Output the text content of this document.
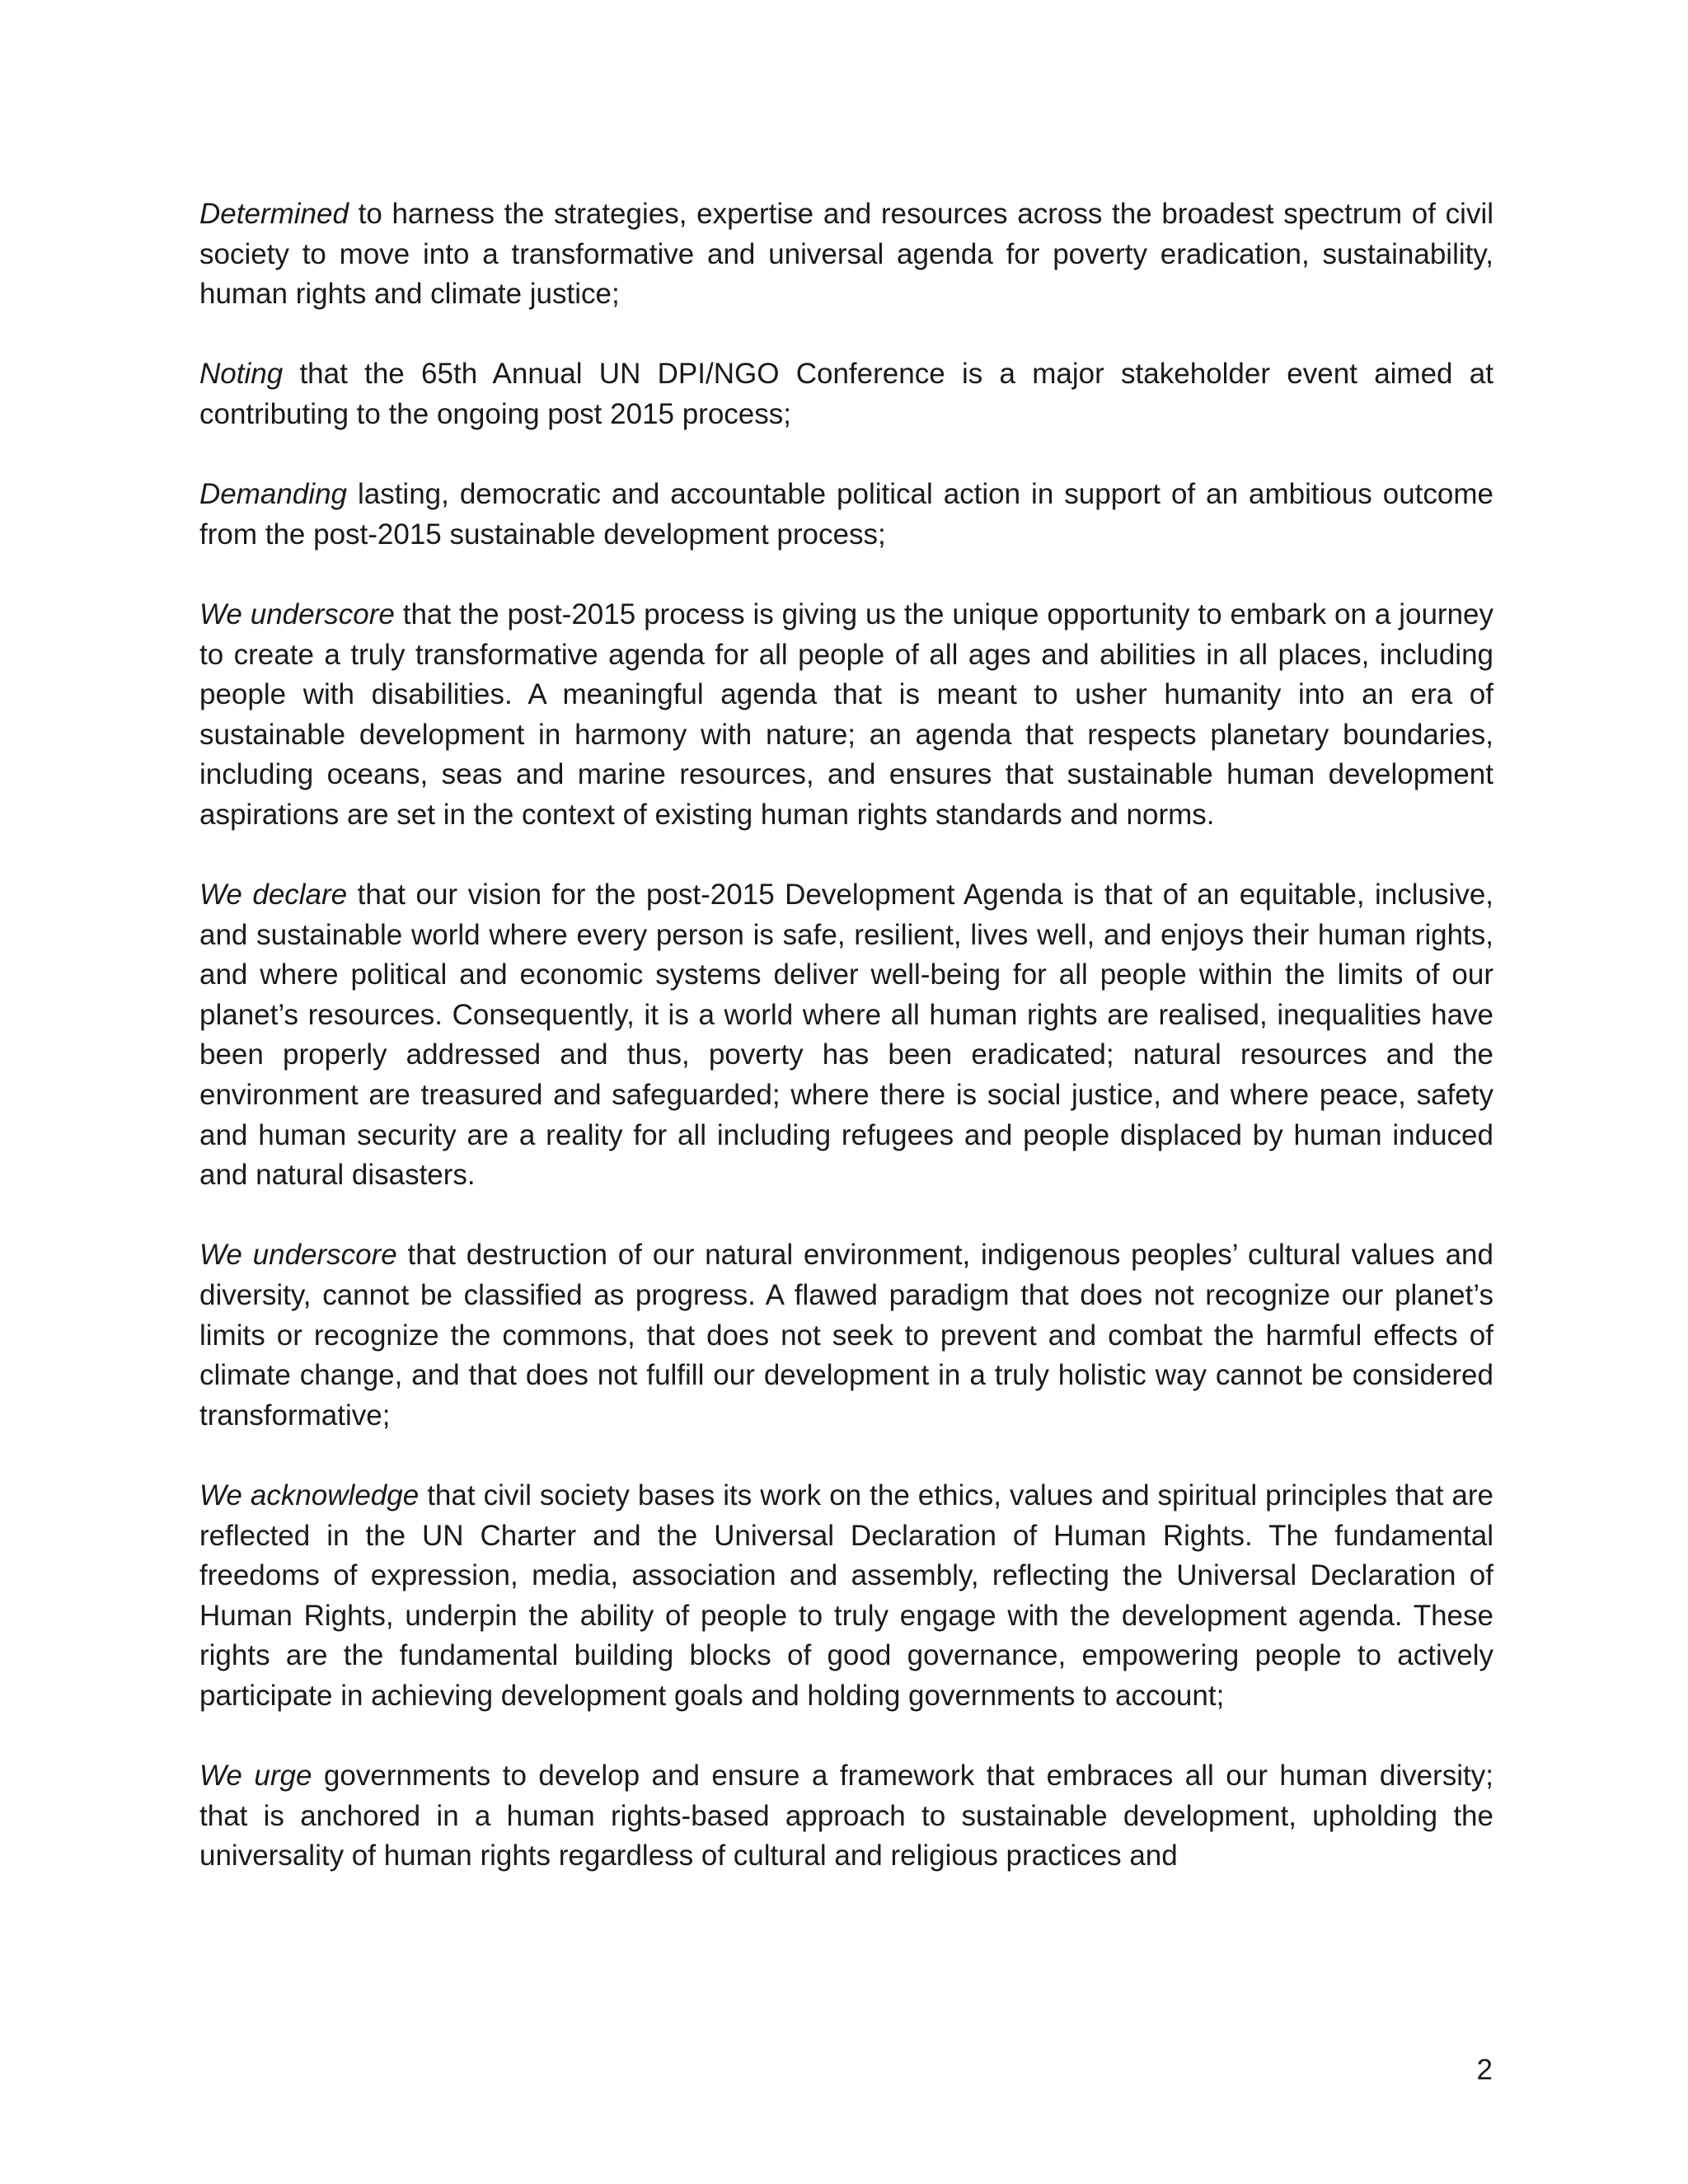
Determined to harness the strategies, expertise and resources across the broadest spectrum of civil society to move into a transformative and universal agenda for poverty eradication, sustainability, human rights and climate justice;

Noting that the 65th Annual UN DPI/NGO Conference is a major stakeholder event aimed at contributing to the ongoing post 2015 process;

Demanding lasting, democratic and accountable political action in support of an ambitious outcome from the post-2015 sustainable development process;

We underscore that the post-2015 process is giving us the unique opportunity to embark on a journey to create a truly transformative agenda for all people of all ages and abilities in all places, including people with disabilities. A meaningful agenda that is meant to usher humanity into an era of sustainable development in harmony with nature; an agenda that respects planetary boundaries, including oceans, seas and marine resources, and ensures that sustainable human development aspirations are set in the context of existing human rights standards and norms.

We declare that our vision for the post-2015 Development Agenda is that of an equitable, inclusive, and sustainable world where every person is safe, resilient, lives well, and enjoys their human rights, and where political and economic systems deliver well-being for all people within the limits of our planet’s resources. Consequently, it is a world where all human rights are realised, inequalities have been properly addressed and thus, poverty has been eradicated; natural resources and the environment are treasured and safeguarded; where there is social justice, and where peace, safety and human security are a reality for all including refugees and people displaced by human induced and natural disasters.

We underscore that destruction of our natural environment, indigenous peoples’ cultural values and diversity, cannot be classified as progress. A flawed paradigm that does not recognize our planet’s limits or recognize the commons, that does not seek to prevent and combat the harmful effects of climate change, and that does not fulfill our development in a truly holistic way cannot be considered transformative;

We acknowledge that civil society bases its work on the ethics, values and spiritual principles that are reflected in the UN Charter and the Universal Declaration of Human Rights. The fundamental freedoms of expression, media, association and assembly, reflecting the Universal Declaration of Human Rights, underpin the ability of people to truly engage with the development agenda. These rights are the fundamental building blocks of good governance, empowering people to actively participate in achieving development goals and holding governments to account;

We urge governments to develop and ensure a framework that embraces all our human diversity; that is anchored in a human rights-based approach to sustainable development, upholding the universality of human rights regardless of cultural and religious practices and

2
